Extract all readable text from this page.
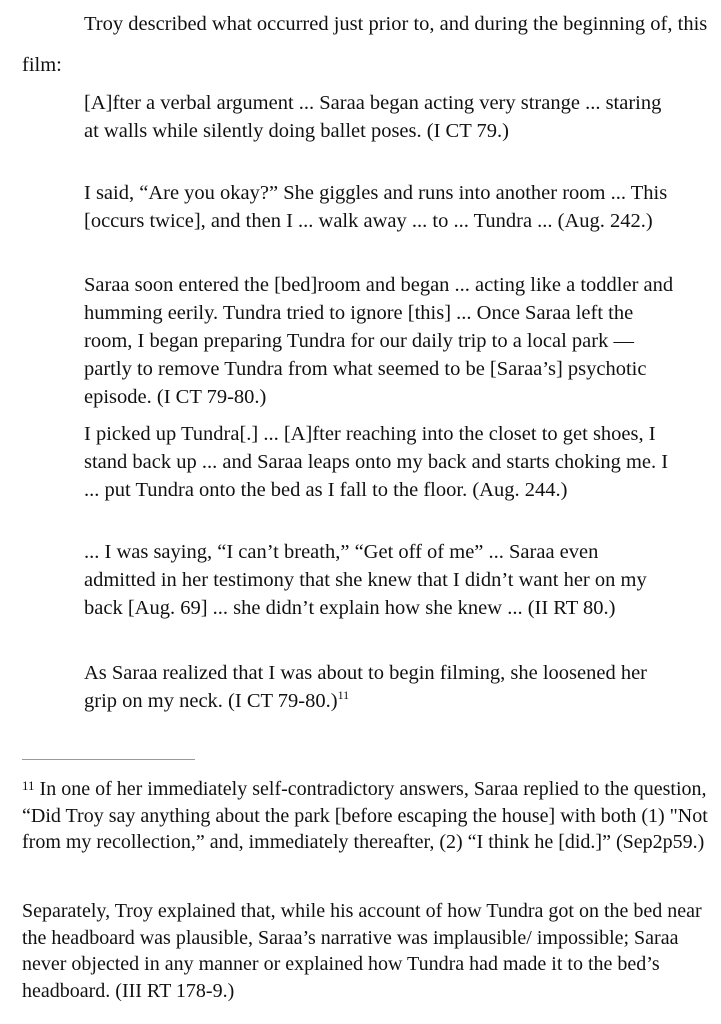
Troy described what occurred just prior to, and during the beginning of, this film:

[A]fter a verbal argument ... Saraa began acting very strange ... staring at walls while silently doing ballet poses. (I CT 79.)

I said, “Are you okay?” She giggles and runs into another room ... This [occurs twice], and then I ... walk away ... to ... Tundra ... (Aug. 242.)

Saraa soon entered the [bed]room and began ... acting like a toddler and humming eerily. Tundra tried to ignore [this] ... Once Saraa left the room, I began preparing Tundra for our daily trip to a local park — partly to remove Tundra from what seemed to be [Saraa’s] psychotic episode. (I CT 79-80.)

I picked up Tundra[.] ... [A]fter reaching into the closet to get shoes, I stand back up ... and Saraa leaps onto my back and starts choking me. I ... put Tundra onto the bed as I fall to the floor. (Aug. 244.)

... I was saying, “I can’t breath,” “Get off of me” ... Saraa even admitted in her testimony that she knew that I didn’t want her on my back [Aug. 69] ... she didn’t explain how she knew ... (II RT 80.)

As Saraa realized that I was about to begin filming, she loosened her grip on my neck. (I CT 79-80.)$^{11}$

$^{11}$ In one of her immediately self-contradictory answers, Saraa replied to the question, “Did Troy say anything about the park [before escaping the house] with both (1) "Not from my recollection,” and, immediately thereafter, (2) “I think he [did.]” (Sep2p59.)

Separately, Troy explained that, while his account of how Tundra got on the bed near the headboard was plausible, Saraa’s narrative was implausible/ impossible; Saraa never objected in any manner or explained how Tundra had made it to the bed’s headboard. (III RT 178-9.)
